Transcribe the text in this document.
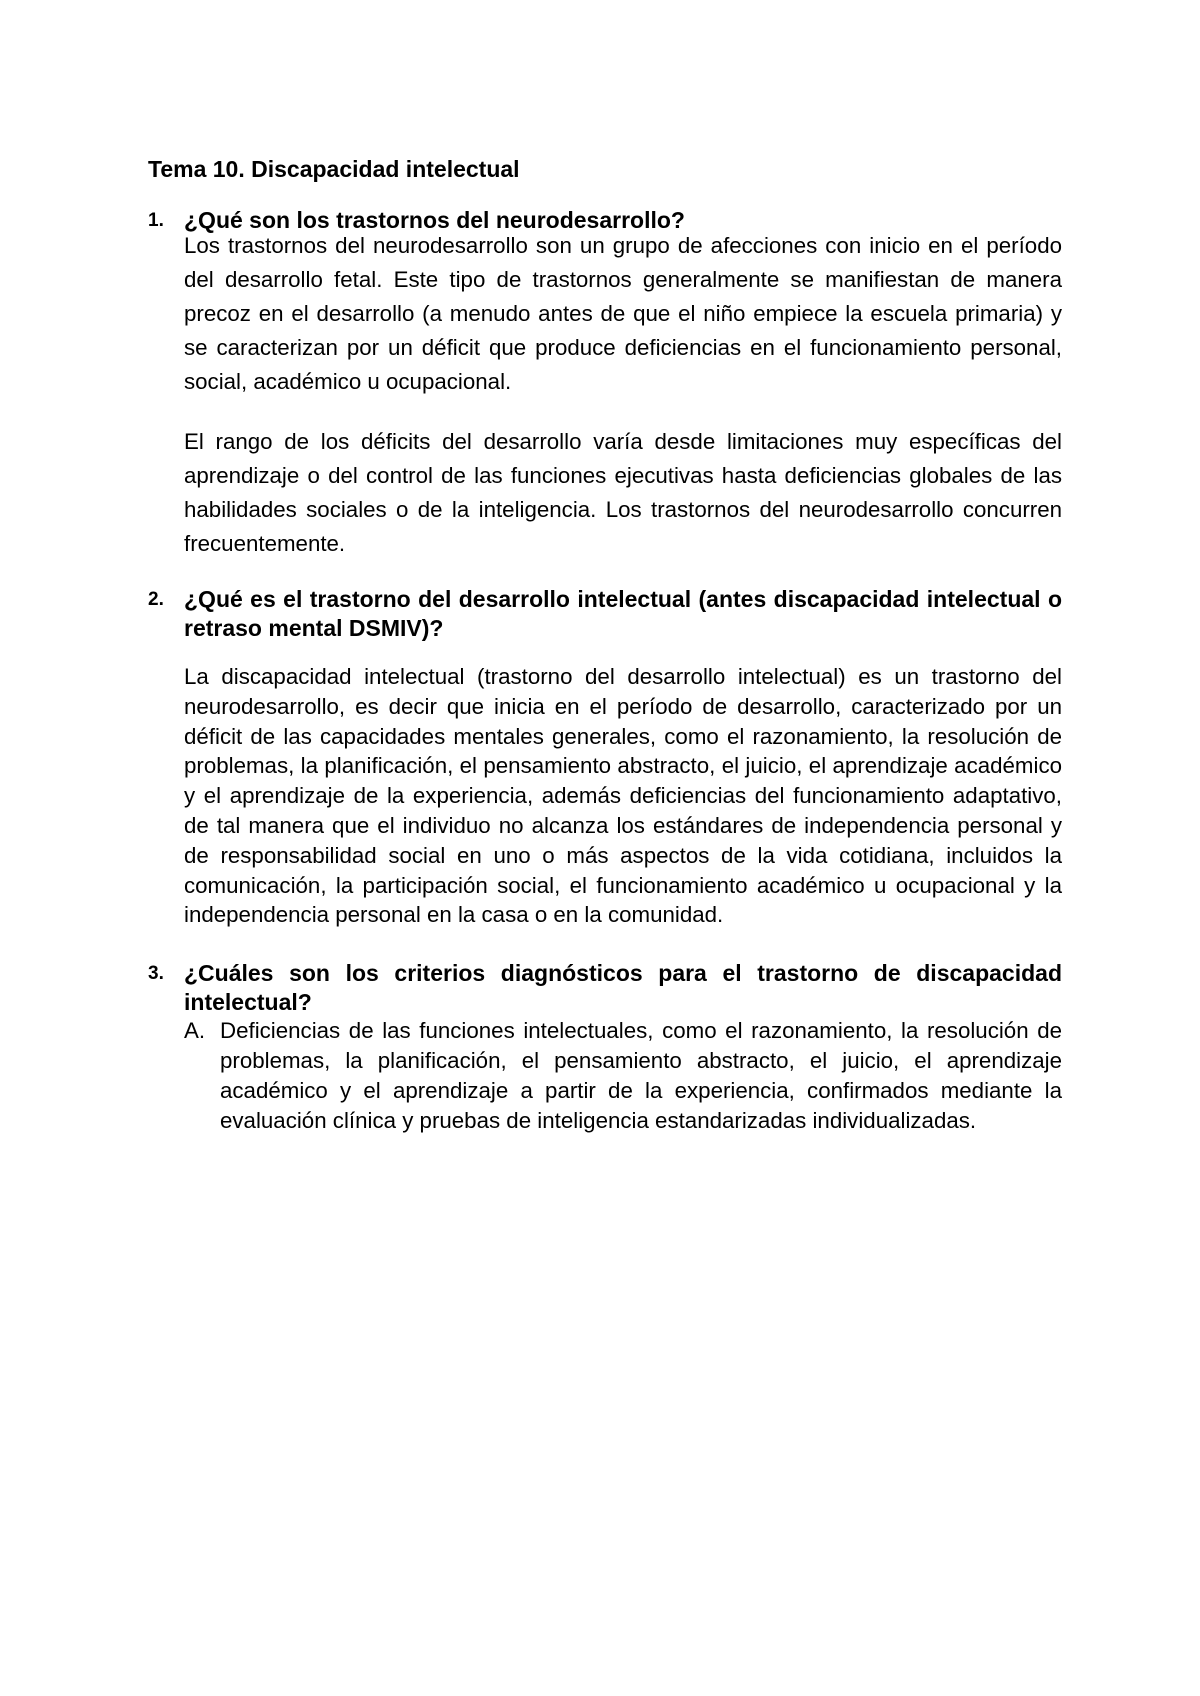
Tema 10. Discapacidad intelectual
1. ¿Qué son los trastornos del neurodesarrollo?
Los trastornos del neurodesarrollo son un grupo de afecciones con inicio en el período del desarrollo fetal. Este tipo de trastornos generalmente se manifiestan de manera precoz en el desarrollo (a menudo antes de que el niño empiece la escuela primaria) y se caracterizan por un déficit que produce deficiencias en el funcionamiento personal, social, académico u ocupacional.
El rango de los déficits del desarrollo varía desde limitaciones muy específicas del aprendizaje o del control de las funciones ejecutivas hasta deficiencias globales de las habilidades sociales o de la inteligencia. Los trastornos del neurodesarrollo concurren frecuentemente.
2. ¿Qué es el trastorno del desarrollo intelectual (antes discapacidad intelectual o retraso mental DSMIV)?
La discapacidad intelectual (trastorno del desarrollo intelectual) es un trastorno del neurodesarrollo, es decir que inicia en el período de desarrollo, caracterizado por un déficit de las capacidades mentales generales, como el razonamiento, la resolución de problemas, la planificación, el pensamiento abstracto, el juicio, el aprendizaje académico y el aprendizaje de la experiencia, además deficiencias del funcionamiento adaptativo, de tal manera que el individuo no alcanza los estándares de independencia personal y de responsabilidad social en uno o más aspectos de la vida cotidiana, incluidos la comunicación, la participación social, el funcionamiento académico u ocupacional y la independencia personal en la casa o en la comunidad.
3. ¿Cuáles son los criterios diagnósticos para el trastorno de discapacidad intelectual?
A. Deficiencias de las funciones intelectuales, como el razonamiento, la resolución de problemas, la planificación, el pensamiento abstracto, el juicio, el aprendizaje académico y el aprendizaje a partir de la experiencia, confirmados mediante la evaluación clínica y pruebas de inteligencia estandarizadas individualizadas.
